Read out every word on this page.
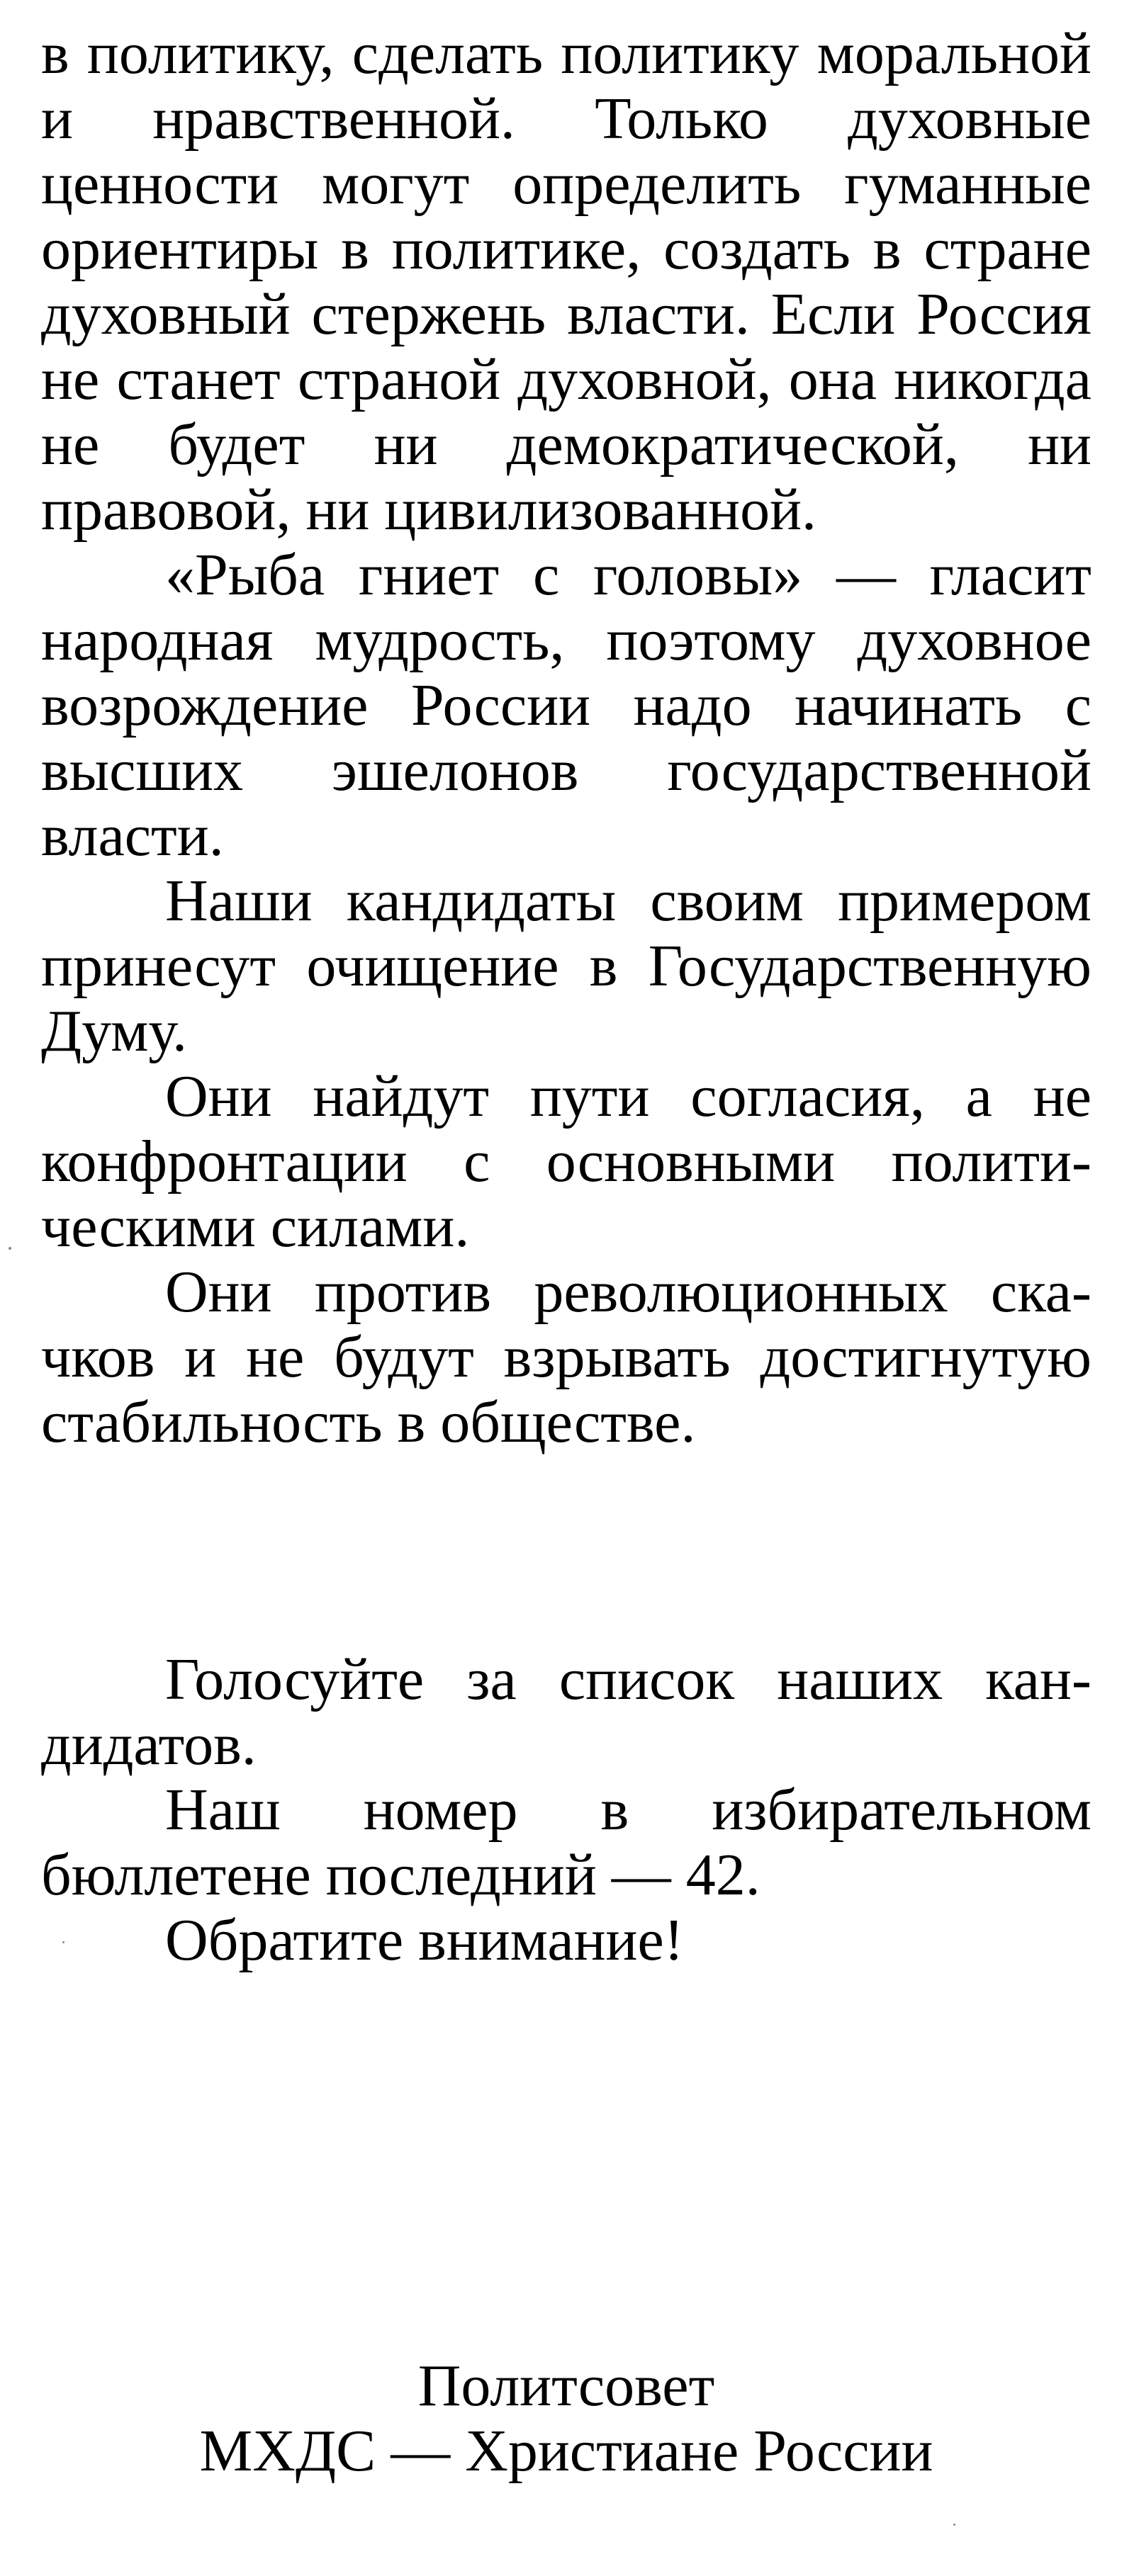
в политику, сделать политику моральной и нравственной. Только духовные ценности могут определить гуманные ориентиры в политике, создать в стране духовный стержень власти. Если Россия не станет страной духовной, она никогда не будет ни демократической, ни правовой, ни цивилизованной.

«Рыба гниет с головы» — гласит народная мудрость, поэтому духовное возрождение России надо начинать с высших эшелонов государственной власти.

Наши кандидаты своим примером принесут очищение в Государственную Думу.

Они найдут пути согласия, а не конфронтации с основными политическими силами.

Они против революционных скачков и не будут взрывать достигнутую стабильность в обществе.

Голосуйте за список наших кандидатов.

Наш номер в избирательном бюллетене последний — 42.

Обратите внимание!

Политсовет
МХДС — Христиане России
